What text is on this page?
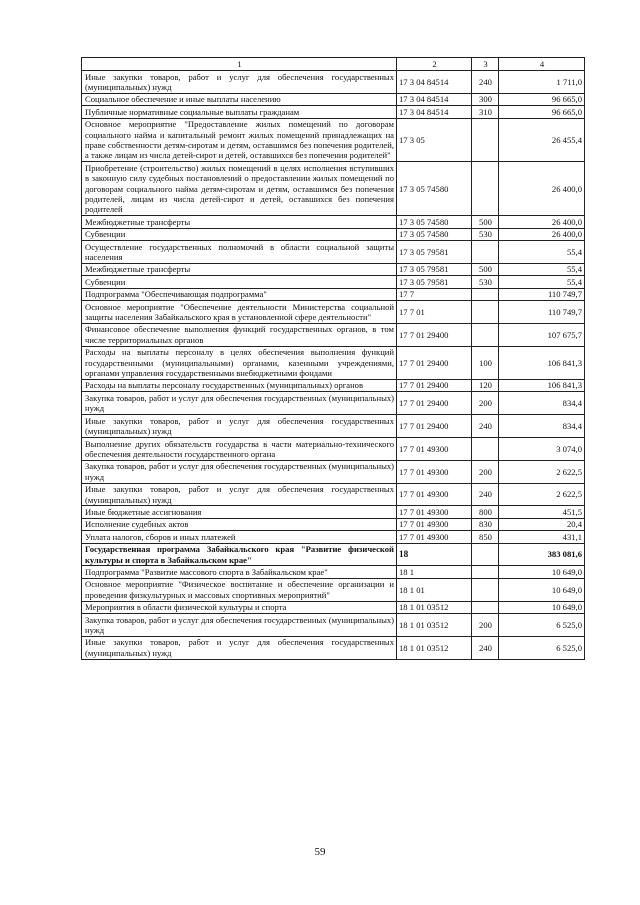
1	2	3	4
Иные закупки товаров, работ и услуг для обеспечения государственных (муниципальных) нужд	17 3 04 84514	240	1 711,0
Социальное обеспечение и иные выплаты населению	17 3 04 84514	300	96 665,0
Публичные нормативные социальные выплаты гражданам	17 3 04 84514	310	96 665,0
Основное мероприятие "Предоставление жилых помещений по договорам социального найма и капитальный ремонт жилых помещений принадлежащих на праве собственности детям-сиротам и детям, оставшимся без попечения родителей, а также лицам из числа детей-сирот и детей, оставшихся без попечения родителей"	17 3 05		26 455,4
Приобретение (строительство) жилых помещений в целях исполнения вступивших в законную силу судебных постановлений о предоставлении жилых помещений по договорам социального найма детям-сиротам и детям, оставшимся без попечения родителей, лицам из числа детей-сирот и детей, оставшихся без попечения родителей	17 3 05 74580		26 400,0
Межбюджетные трансферты	17 3 05 74580	500	26 400,0
Субвенции	17 3 05 74580	530	26 400,0
Осуществление государственных полномочий в области социальной защиты населения	17 3 05 79581		55,4
Межбюджетные трансферты	17 3 05 79581	500	55,4
Субвенции	17 3 05 79581	530	55,4
Подпрограмма "Обеспечивающая подпрограмма"	17 7		110 749,7
Основное мероприятие "Обеспечение деятельности Министерства социальной защиты населения Забайкальского края в установленной сфере деятельности"	17 7 01		110 749,7
Финансовое обеспечение выполнения функций государственных органов, в том числе территориальных органов	17 7 01 29400		107 675,7
Расходы на выплаты персоналу в целях обеспечения выполнения функций государственными (муниципальными) органами, казенными учреждениями, органами управления государственными внебюджетными фондами	17 7 01 29400	100	106 841,3
Расходы на выплаты персоналу государственных (муниципальных) органов	17 7 01 29400	120	106 841,3
Закупка товаров, работ и услуг для обеспечения государственных (муниципальных) нужд	17 7 01 29400	200	834,4
Иные закупки товаров, работ и услуг для обеспечения государственных (муниципальных) нужд	17 7 01 29400	240	834,4
Выполнение других обязательств государства в части материально-технического обеспечения деятельности государственного органа	17 7 01 49300		3 074,0
Закупка товаров, работ и услуг для обеспечения государственных (муниципальных) нужд	17 7 01 49300	200	2 622,5
Иные закупки товаров, работ и услуг для обеспечения государственных (муниципальных) нужд	17 7 01 49300	240	2 622,5
Иные бюджетные ассигнования	17 7 01 49300	800	451,5
Исполнение судебных актов	17 7 01 49300	830	20,4
Уплата налогов, сборов и иных платежей	17 7 01 49300	850	431,1
Государственная программа Забайкальского края "Развитие физической культуры и спорта в Забайкальском крае"	18		383 081,6
Подпрограмма "Развитие массового спорта в Забайкальском крае"	18 1		10 649,0
Основное мероприятие "Физическое воспитание и обеспечение организации и проведения физкультурных и массовых спортивных мероприятий"	18 1 01		10 649,0
Мероприятия в области физической культуры и спорта	18 1 01 03512		10 649,0
Закупка товаров, работ и услуг для обеспечения государственных (муниципальных) нужд	18 1 01 03512	200	6 525,0
Иные закупки товаров, работ и услуг для обеспечения государственных (муниципальных) нужд	18 1 01 03512	240	6 525,0
59
